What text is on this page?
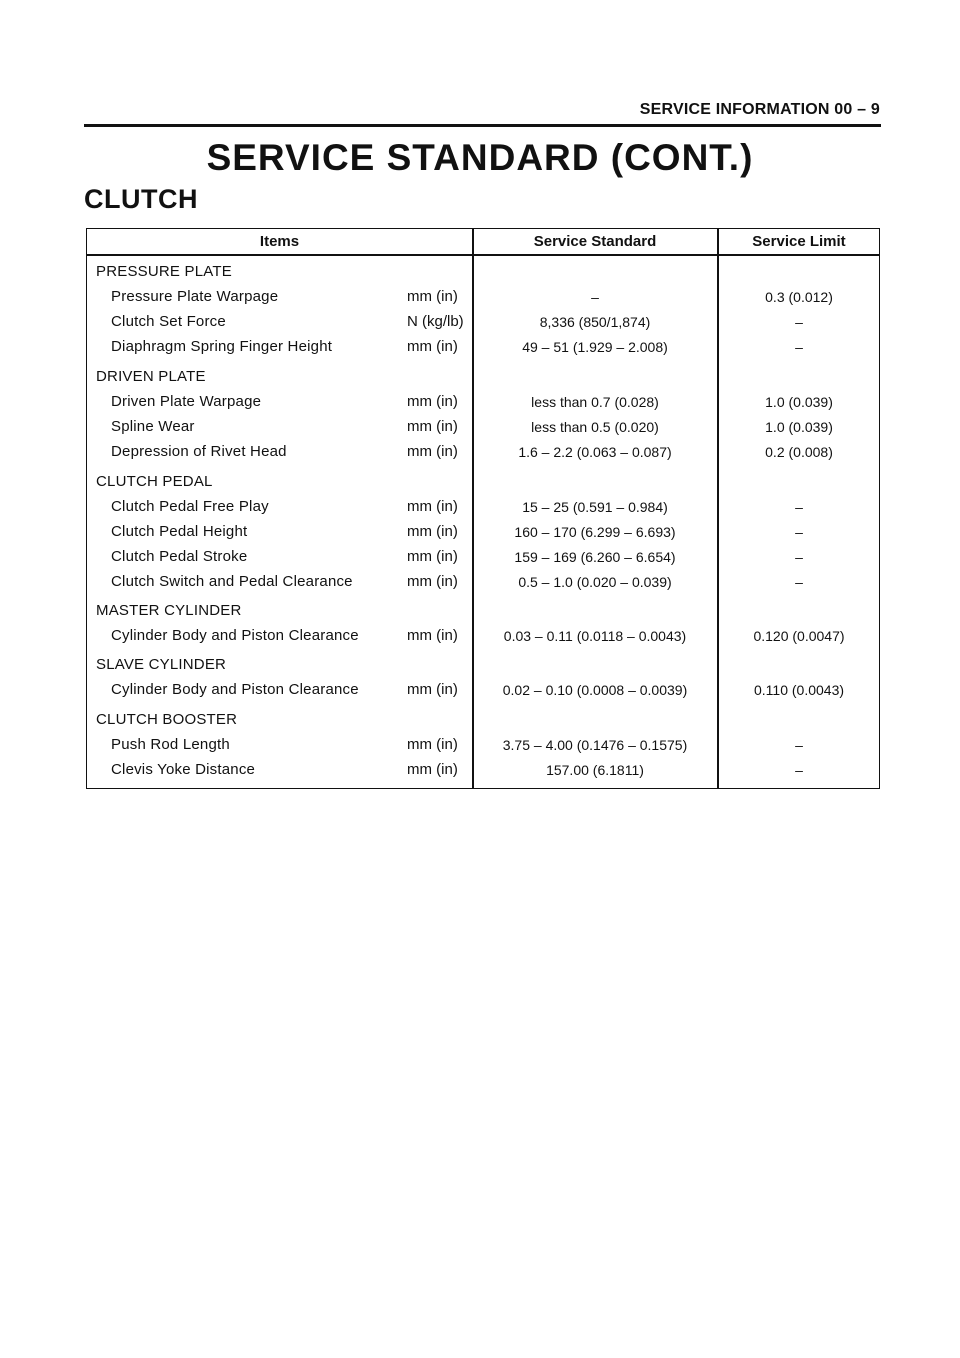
SERVICE INFORMATION 00 – 9
SERVICE STANDARD (CONT.)
CLUTCH
Items	Service Standard	Service Limit
PRESSURE PLATE
Pressure Plate Warpage	mm (in)	–	0.3 (0.012)
Clutch Set Force	N (kg/lb)	8,336 (850/1,874)	–
Diaphragm Spring Finger Height	mm (in)	49 – 51 (1.929 – 2.008)	–
DRIVEN PLATE
Driven Plate Warpage	mm (in)	less than 0.7 (0.028)	1.0 (0.039)
Spline Wear	mm (in)	less than 0.5 (0.020)	1.0 (0.039)
Depression of Rivet Head	mm (in)	1.6 – 2.2 (0.063 – 0.087)	0.2 (0.008)
CLUTCH PEDAL
Clutch Pedal Free Play	mm (in)	15 – 25 (0.591 – 0.984)	–
Clutch Pedal Height	mm (in)	160 – 170 (6.299 – 6.693)	–
Clutch Pedal Stroke	mm (in)	159 – 169 (6.260 – 6.654)	–
Clutch Switch and Pedal Clearance	mm (in)	0.5 – 1.0 (0.020 – 0.039)	–
MASTER CYLINDER
Cylinder Body and Piston Clearance	mm (in)	0.03 – 0.11 (0.0118 – 0.0043)	0.120 (0.0047)
SLAVE CYLINDER
Cylinder Body and Piston Clearance	mm (in)	0.02 – 0.10 (0.0008 – 0.0039)	0.110 (0.0043)
CLUTCH BOOSTER
Push Rod Length	mm (in)	3.75 – 4.00 (0.1476 – 0.1575)	–
Clevis Yoke Distance	mm (in)	157.00 (6.1811)	–
